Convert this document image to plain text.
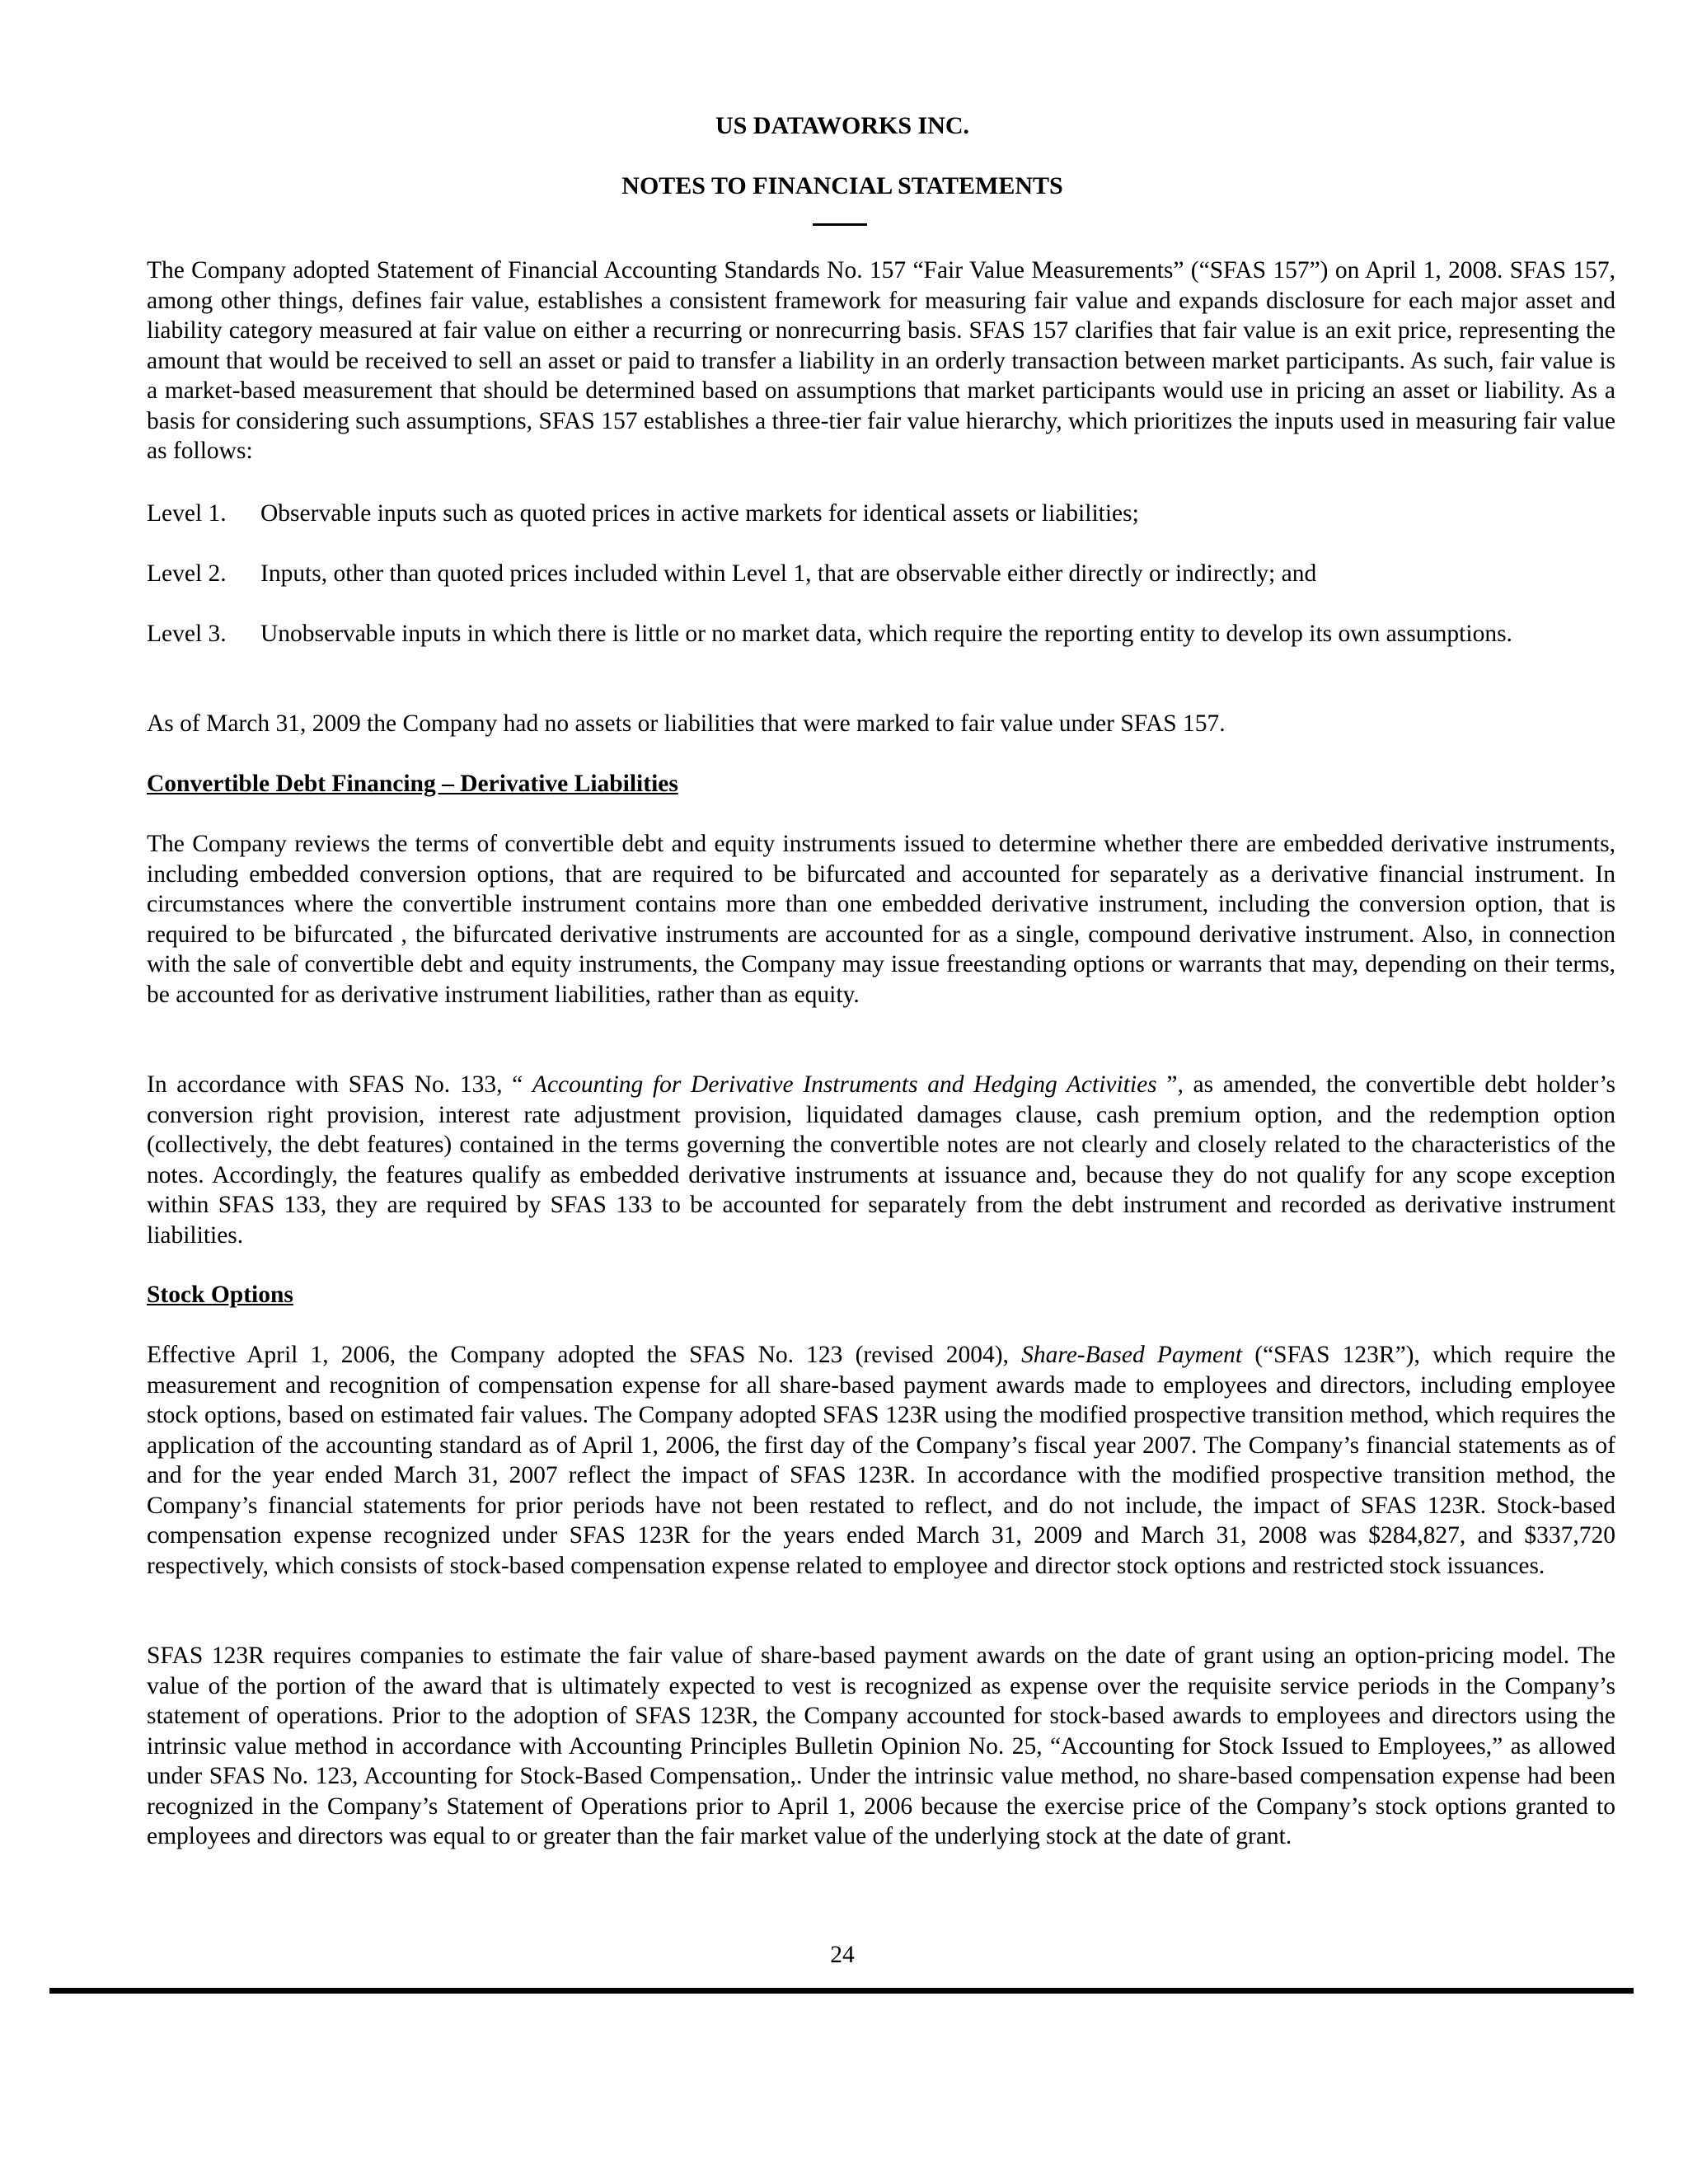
US DATAWORKS INC.
NOTES TO FINANCIAL STATEMENTS

The Company adopted Statement of Financial Accounting Standards No. 157 “Fair Value Measurements” (“SFAS 157”) on April 1, 2008. SFAS 157, among other things, defines fair value, establishes a consistent framework for measuring fair value and expands disclosure for each major asset and liability category measured at fair value on either a recurring or nonrecurring basis. SFAS 157 clarifies that fair value is an exit price, representing the amount that would be received to sell an asset or paid to transfer a liability in an orderly transaction between market participants. As such, fair value is a market-based measurement that should be determined based on assumptions that market participants would use in pricing an asset or liability. As a basis for considering such assumptions, SFAS 157 establishes a three-tier fair value hierarchy, which prioritizes the inputs used in measuring fair value as follows:

Level 1.	Observable inputs such as quoted prices in active markets for identical assets or liabilities;
Level 2.	Inputs, other than quoted prices included within Level 1, that are observable either directly or indirectly; and
Level 3.	Unobservable inputs in which there is little or no market data, which require the reporting entity to develop its own assumptions.

As of March 31, 2009 the Company had no assets or liabilities that were marked to fair value under SFAS 157.

Convertible Debt Financing – Derivative Liabilities

The Company reviews the terms of convertible debt and equity instruments issued to determine whether there are embedded derivative instruments, including embedded conversion options, that are required to be bifurcated and accounted for separately as a derivative financial instrument. In circumstances where the convertible instrument contains more than one embedded derivative instrument, including the conversion option, that is required to be bifurcated , the bifurcated derivative instruments are accounted for as a single, compound derivative instrument. Also, in connection with the sale of convertible debt and equity instruments, the Company may issue freestanding options or warrants that may, depending on their terms, be accounted for as derivative instrument liabilities, rather than as equity.

In accordance with SFAS No. 133, “ Accounting for Derivative Instruments and Hedging Activities ”, as amended, the convertible debt holder’s conversion right provision, interest rate adjustment provision, liquidated damages clause, cash premium option, and the redemption option (collectively, the debt features) contained in the terms governing the convertible notes are not clearly and closely related to the characteristics of the notes. Accordingly, the features qualify as embedded derivative instruments at issuance and, because they do not qualify for any scope exception within SFAS 133, they are required by SFAS 133 to be accounted for separately from the debt instrument and recorded as derivative instrument liabilities.

Stock Options

Effective April 1, 2006, the Company adopted the SFAS No. 123 (revised 2004), Share-Based Payment (“SFAS 123R”), which require the measurement and recognition of compensation expense for all share-based payment awards made to employees and directors, including employee stock options, based on estimated fair values. The Company adopted SFAS 123R using the modified prospective transition method, which requires the application of the accounting standard as of April 1, 2006, the first day of the Company’s fiscal year 2007. The Company’s financial statements as of and for the year ended March 31, 2007 reflect the impact of SFAS 123R. In accordance with the modified prospective transition method, the Company’s financial statements for prior periods have not been restated to reflect, and do not include, the impact of SFAS 123R. Stock-based compensation expense recognized under SFAS 123R for the years ended March 31, 2009 and March 31, 2008 was $284,827, and $337,720 respectively, which consists of stock-based compensation expense related to employee and director stock options and restricted stock issuances.

SFAS 123R requires companies to estimate the fair value of share-based payment awards on the date of grant using an option-pricing model. The value of the portion of the award that is ultimately expected to vest is recognized as expense over the requisite service periods in the Company’s statement of operations. Prior to the adoption of SFAS 123R, the Company accounted for stock-based awards to employees and directors using the intrinsic value method in accordance with Accounting Principles Bulletin Opinion No. 25, “Accounting for Stock Issued to Employees,” as allowed under SFAS No. 123, Accounting for Stock-Based Compensation,. Under the intrinsic value method, no share-based compensation expense had been recognized in the Company’s Statement of Operations prior to April 1, 2006 because the exercise price of the Company’s stock options granted to employees and directors was equal to or greater than the fair market value of the underlying stock at the date of grant.

24
